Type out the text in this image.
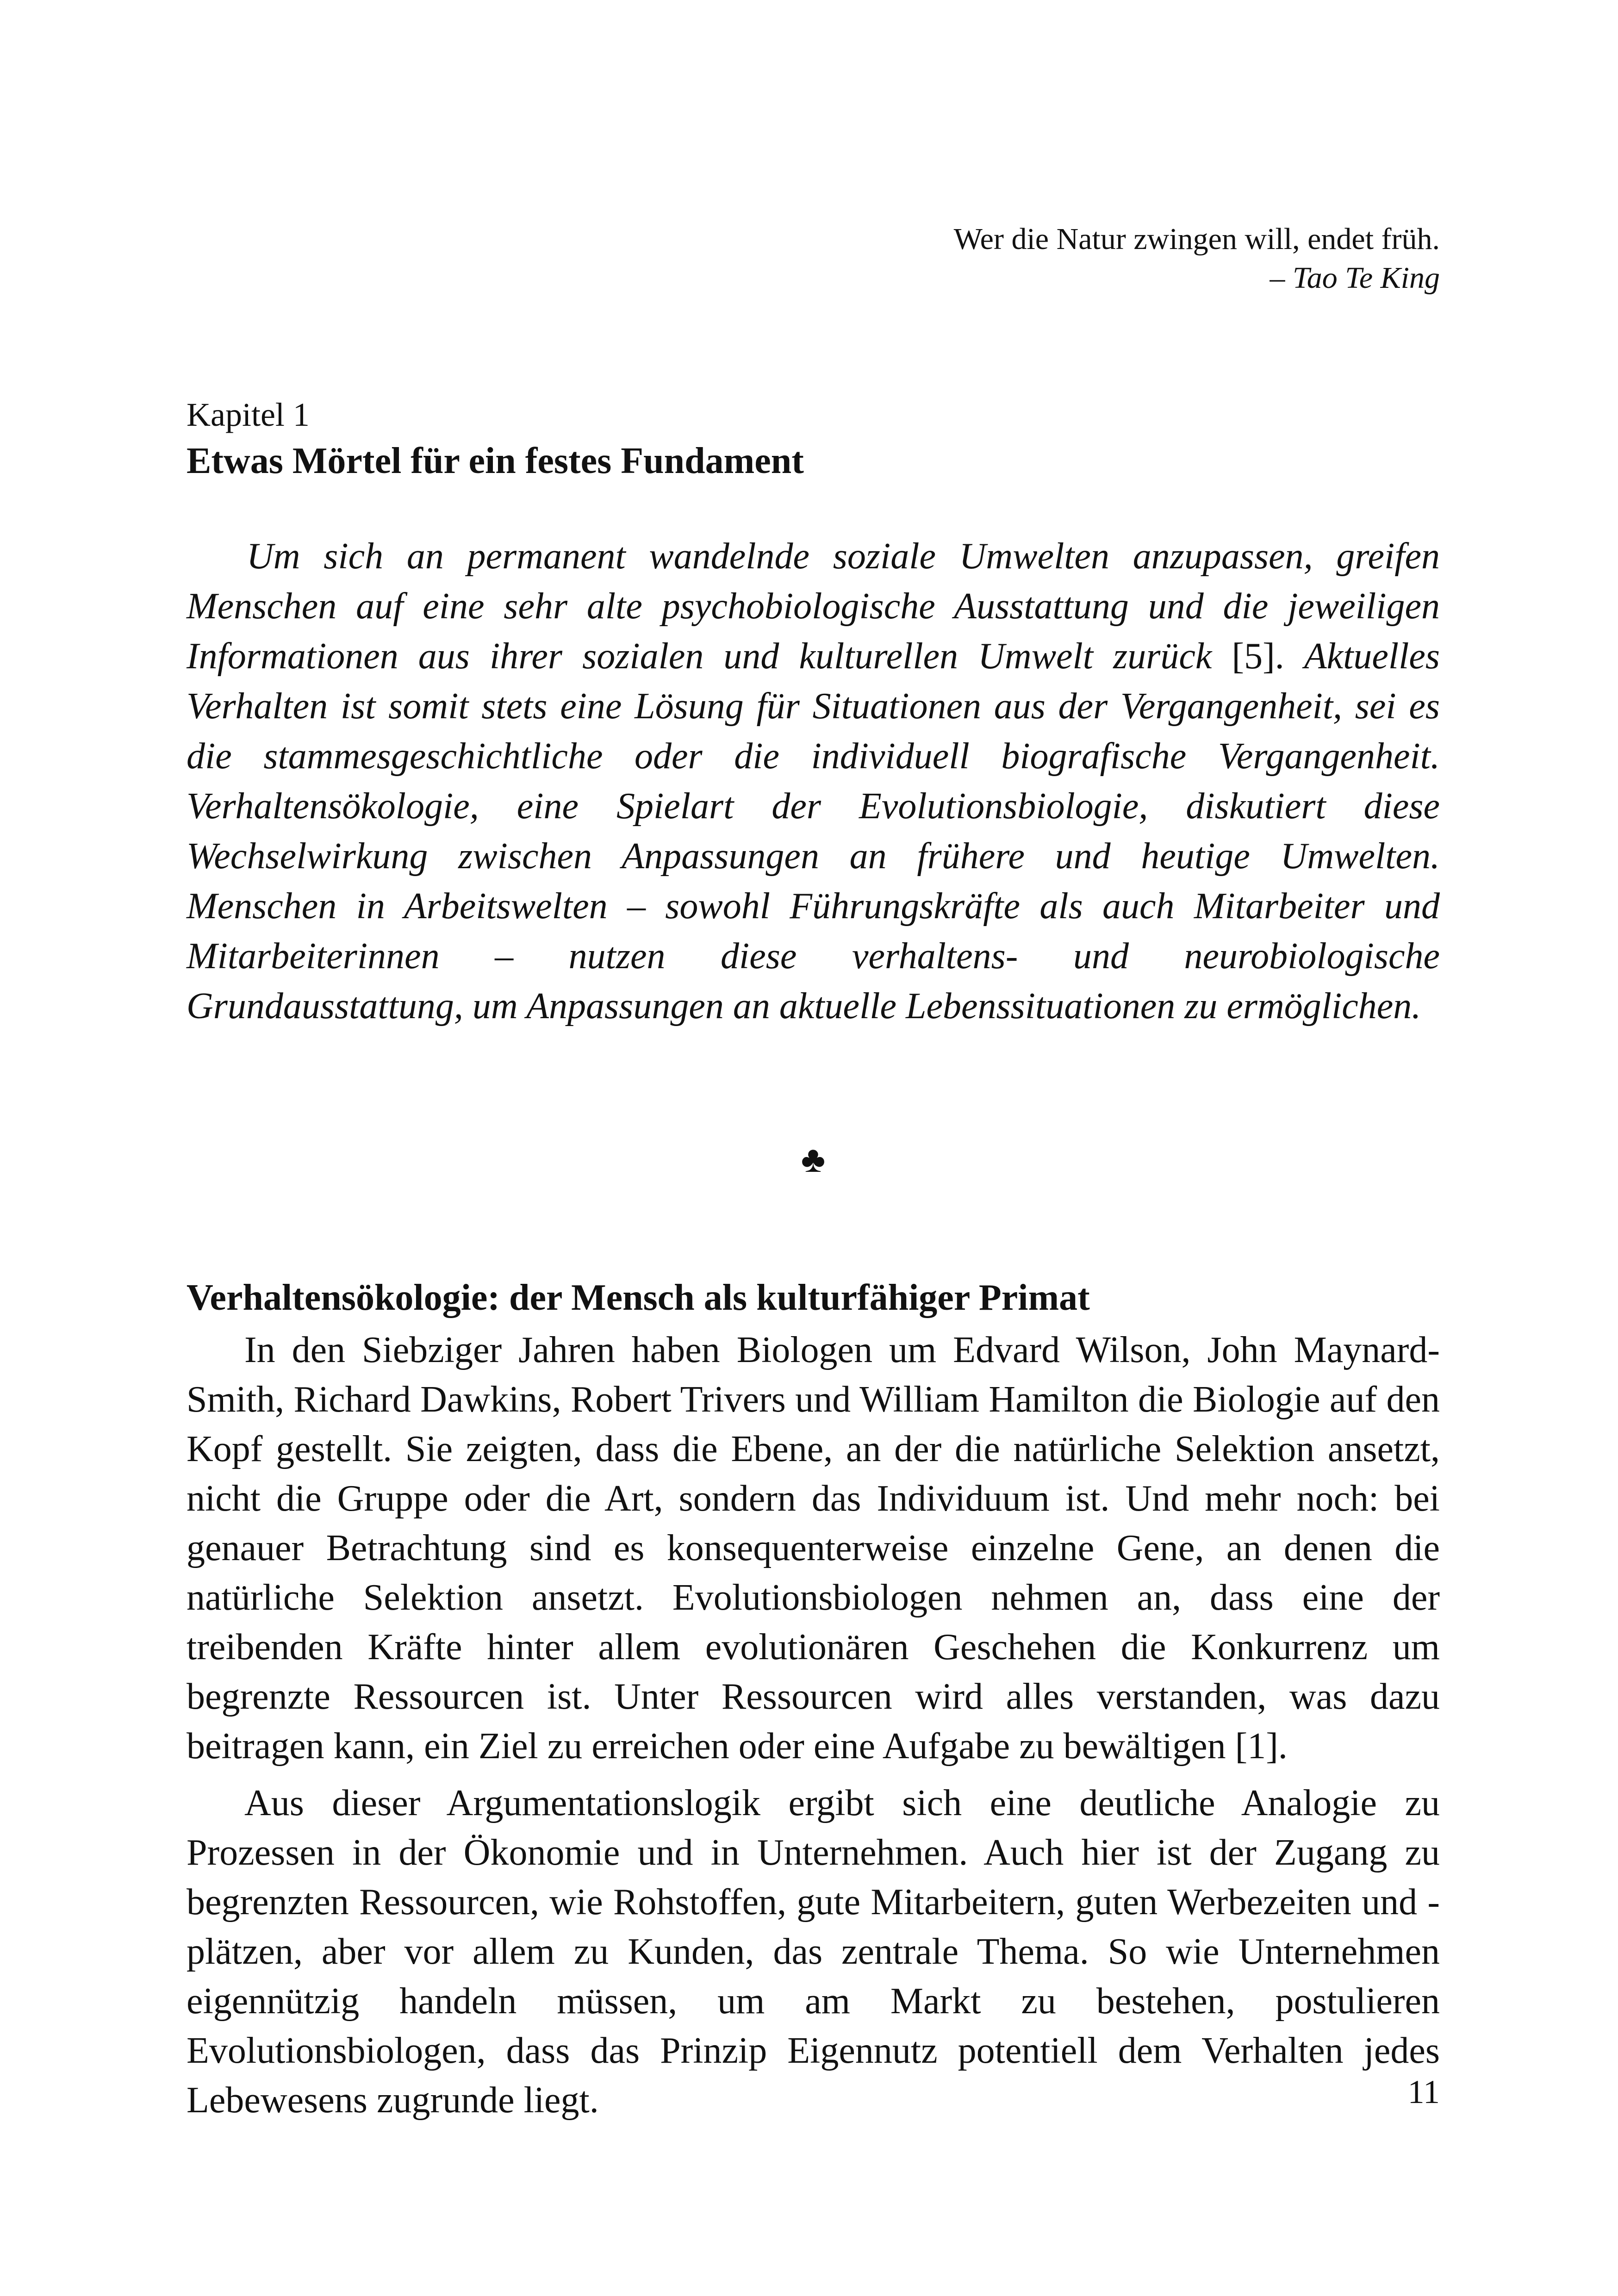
Wer die Natur zwingen will, endet früh.
– Tao Te King

Kapitel 1

Etwas Mörtel für ein festes Fundament

Um sich an permanent wandelnde soziale Umwelten anzupassen, greifen Menschen auf eine sehr alte psychobiologische Ausstattung und die jeweiligen Informationen aus ihrer sozialen und kulturellen Umwelt zurück [5]. Aktuelles Verhalten ist somit stets eine Lösung für Situationen aus der Vergangenheit, sei es die stammesgeschichtliche oder die individuell biografische Vergangenheit. Verhaltensökologie, eine Spielart der Evolutionsbiologie, diskutiert diese Wechselwirkung zwischen Anpassungen an frühere und heutige Umwelten. Menschen in Arbeitswelten – sowohl Führungskräfte als auch Mitarbeiter und Mitarbeiterinnen – nutzen diese verhaltens- und neurobiologische Grundausstattung, um Anpassungen an aktuelle Lebenssituationen zu ermöglichen.

♣

Verhaltensökologie: der Mensch als kulturfähiger Primat

In den Siebziger Jahren haben Biologen um Edvard Wilson, John Maynard-Smith, Richard Dawkins, Robert Trivers und William Hamilton die Biologie auf den Kopf gestellt. Sie zeigten, dass die Ebene, an der die natürliche Selektion ansetzt, nicht die Gruppe oder die Art, sondern das Individuum ist. Und mehr noch: bei genauer Betrachtung sind es konsequenterweise einzelne Gene, an denen die natürliche Selektion ansetzt. Evolutionsbiologen nehmen an, dass eine der treibenden Kräfte hinter allem evolutionären Geschehen die Konkurrenz um begrenzte Ressourcen ist. Unter Ressourcen wird alles verstanden, was dazu beitragen kann, ein Ziel zu erreichen oder eine Aufgabe zu bewältigen [1].

Aus dieser Argumentationslogik ergibt sich eine deutliche Analogie zu Prozessen in der Ökonomie und in Unternehmen. Auch hier ist der Zugang zu begrenzten Ressourcen, wie Rohstoffen, gute Mitarbeitern, guten Werbezeiten und -plätzen, aber vor allem zu Kunden, das zentrale Thema. So wie Unternehmen eigennützig handeln müssen, um am Markt zu bestehen, postulieren Evolutionsbiologen, dass das Prinzip Eigennutz potentiell dem Verhalten jedes Lebewesens zugrunde liegt.	11
